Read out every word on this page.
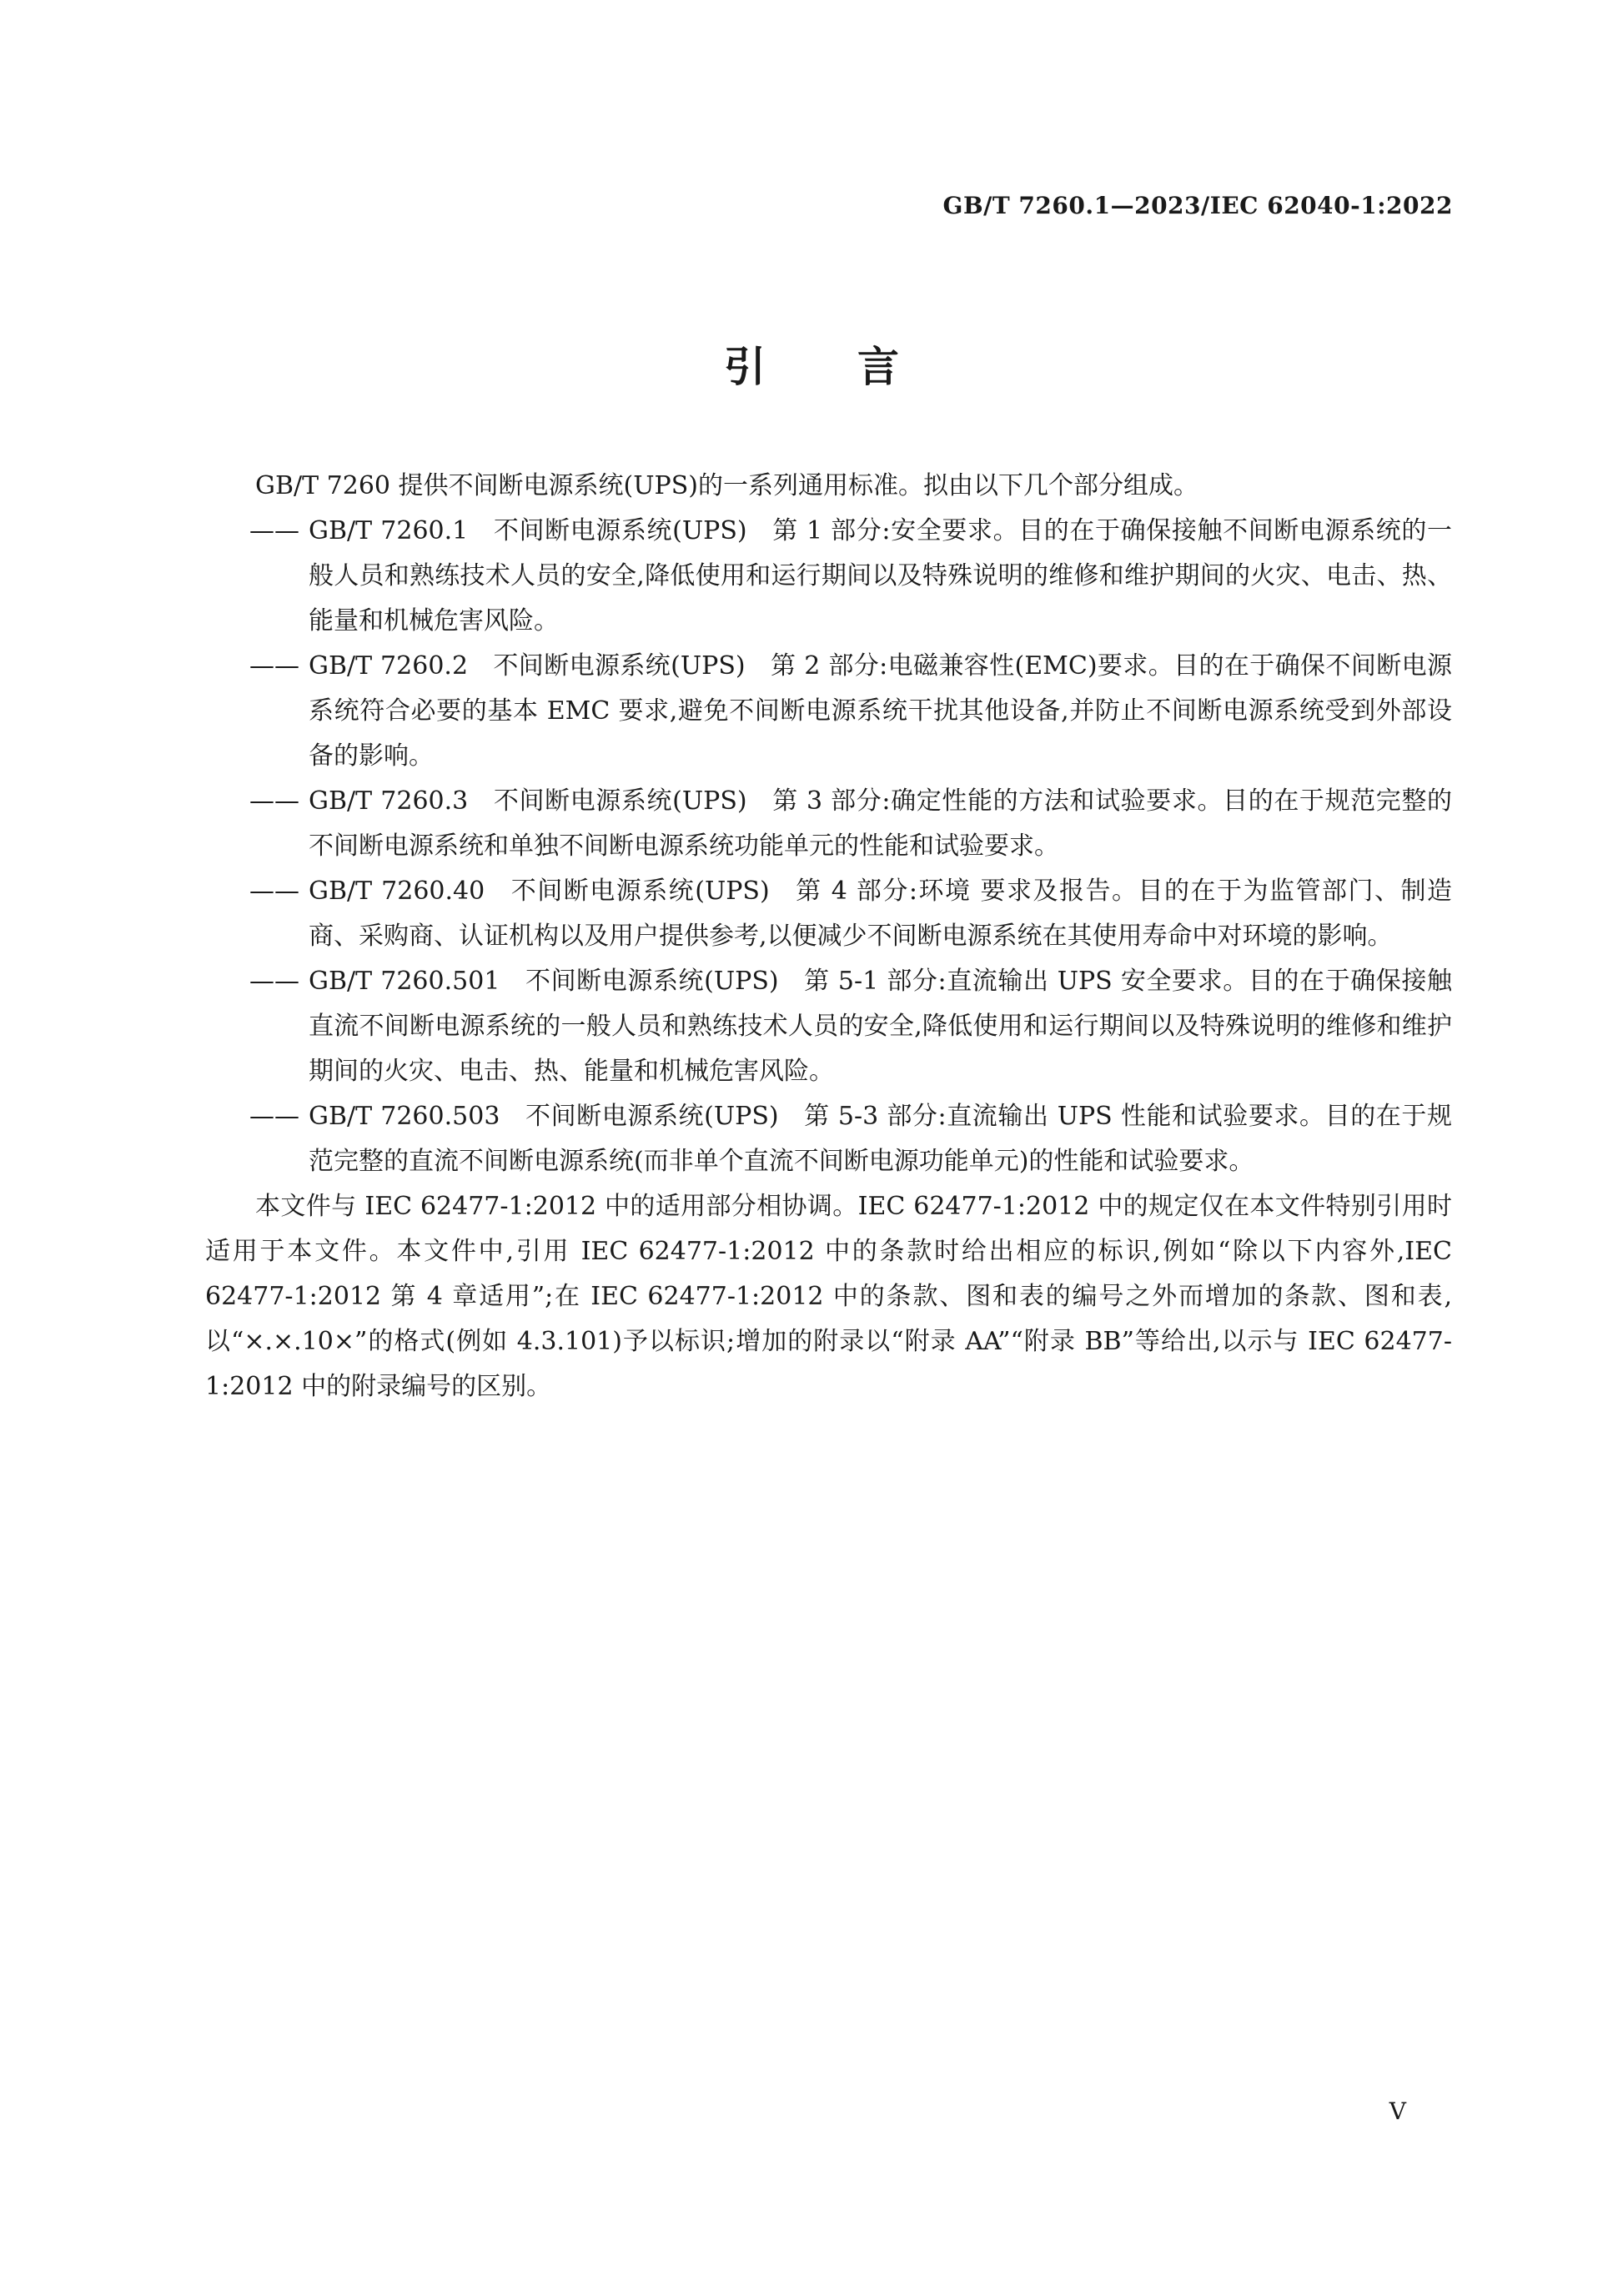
GB/T 7260.1—2023/IEC 62040-1:2022
引言

GB/T 7260 提供不间断电源系统(UPS)的一系列通用标准。拟由以下几个部分组成。

—— GB/T 7260.1 不间断电源系统(UPS) 第 1 部分:安全要求。目的在于确保接触不间断电源系统的一般人员和熟练技术人员的安全,降低使用和运行期间以及特殊说明的维修和维护期间的火灾、电击、热、能量和机械危害风险。

—— GB/T 7260.2 不间断电源系统(UPS) 第 2 部分:电磁兼容性(EMC)要求。目的在于确保不间断电源系统符合必要的基本 EMC 要求,避免不间断电源系统干扰其他设备,并防止不间断电源系统受到外部设备的影响。

—— GB/T 7260.3 不间断电源系统(UPS) 第 3 部分:确定性能的方法和试验要求。目的在于规范完整的不间断电源系统和单独不间断电源系统功能单元的性能和试验要求。

—— GB/T 7260.40 不间断电源系统(UPS) 第 4 部分:环境 要求及报告。目的在于为监管部门、制造商、采购商、认证机构以及用户提供参考,以便减少不间断电源系统在其使用寿命中对环境的影响。

—— GB/T 7260.501 不间断电源系统(UPS) 第 5-1 部分:直流输出 UPS 安全要求。目的在于确保接触直流不间断电源系统的一般人员和熟练技术人员的安全,降低使用和运行期间以及特殊说明的维修和维护期间的火灾、电击、热、能量和机械危害风险。

—— GB/T 7260.503 不间断电源系统(UPS) 第 5-3 部分:直流输出 UPS 性能和试验要求。目的在于规范完整的直流不间断电源系统(而非单个直流不间断电源功能单元)的性能和试验要求。

本文件与 IEC 62477-1:2012 中的适用部分相协调。IEC 62477-1:2012 中的规定仅在本文件特别引用时适用于本文件。本文件中,引用 IEC 62477-1:2012 中的条款时给出相应的标识,例如“除以下内容外,IEC 62477-1:2012 第 4 章适用”;在 IEC 62477-1:2012 中的条款、图和表的编号之外而增加的条款、图和表,以“×.×.10×”的格式(例如 4.3.101)予以标识;增加的附录以“附录 AA”“附录 BB”等给出,以示与 IEC 62477-1:2012 中的附录编号的区别。

V
